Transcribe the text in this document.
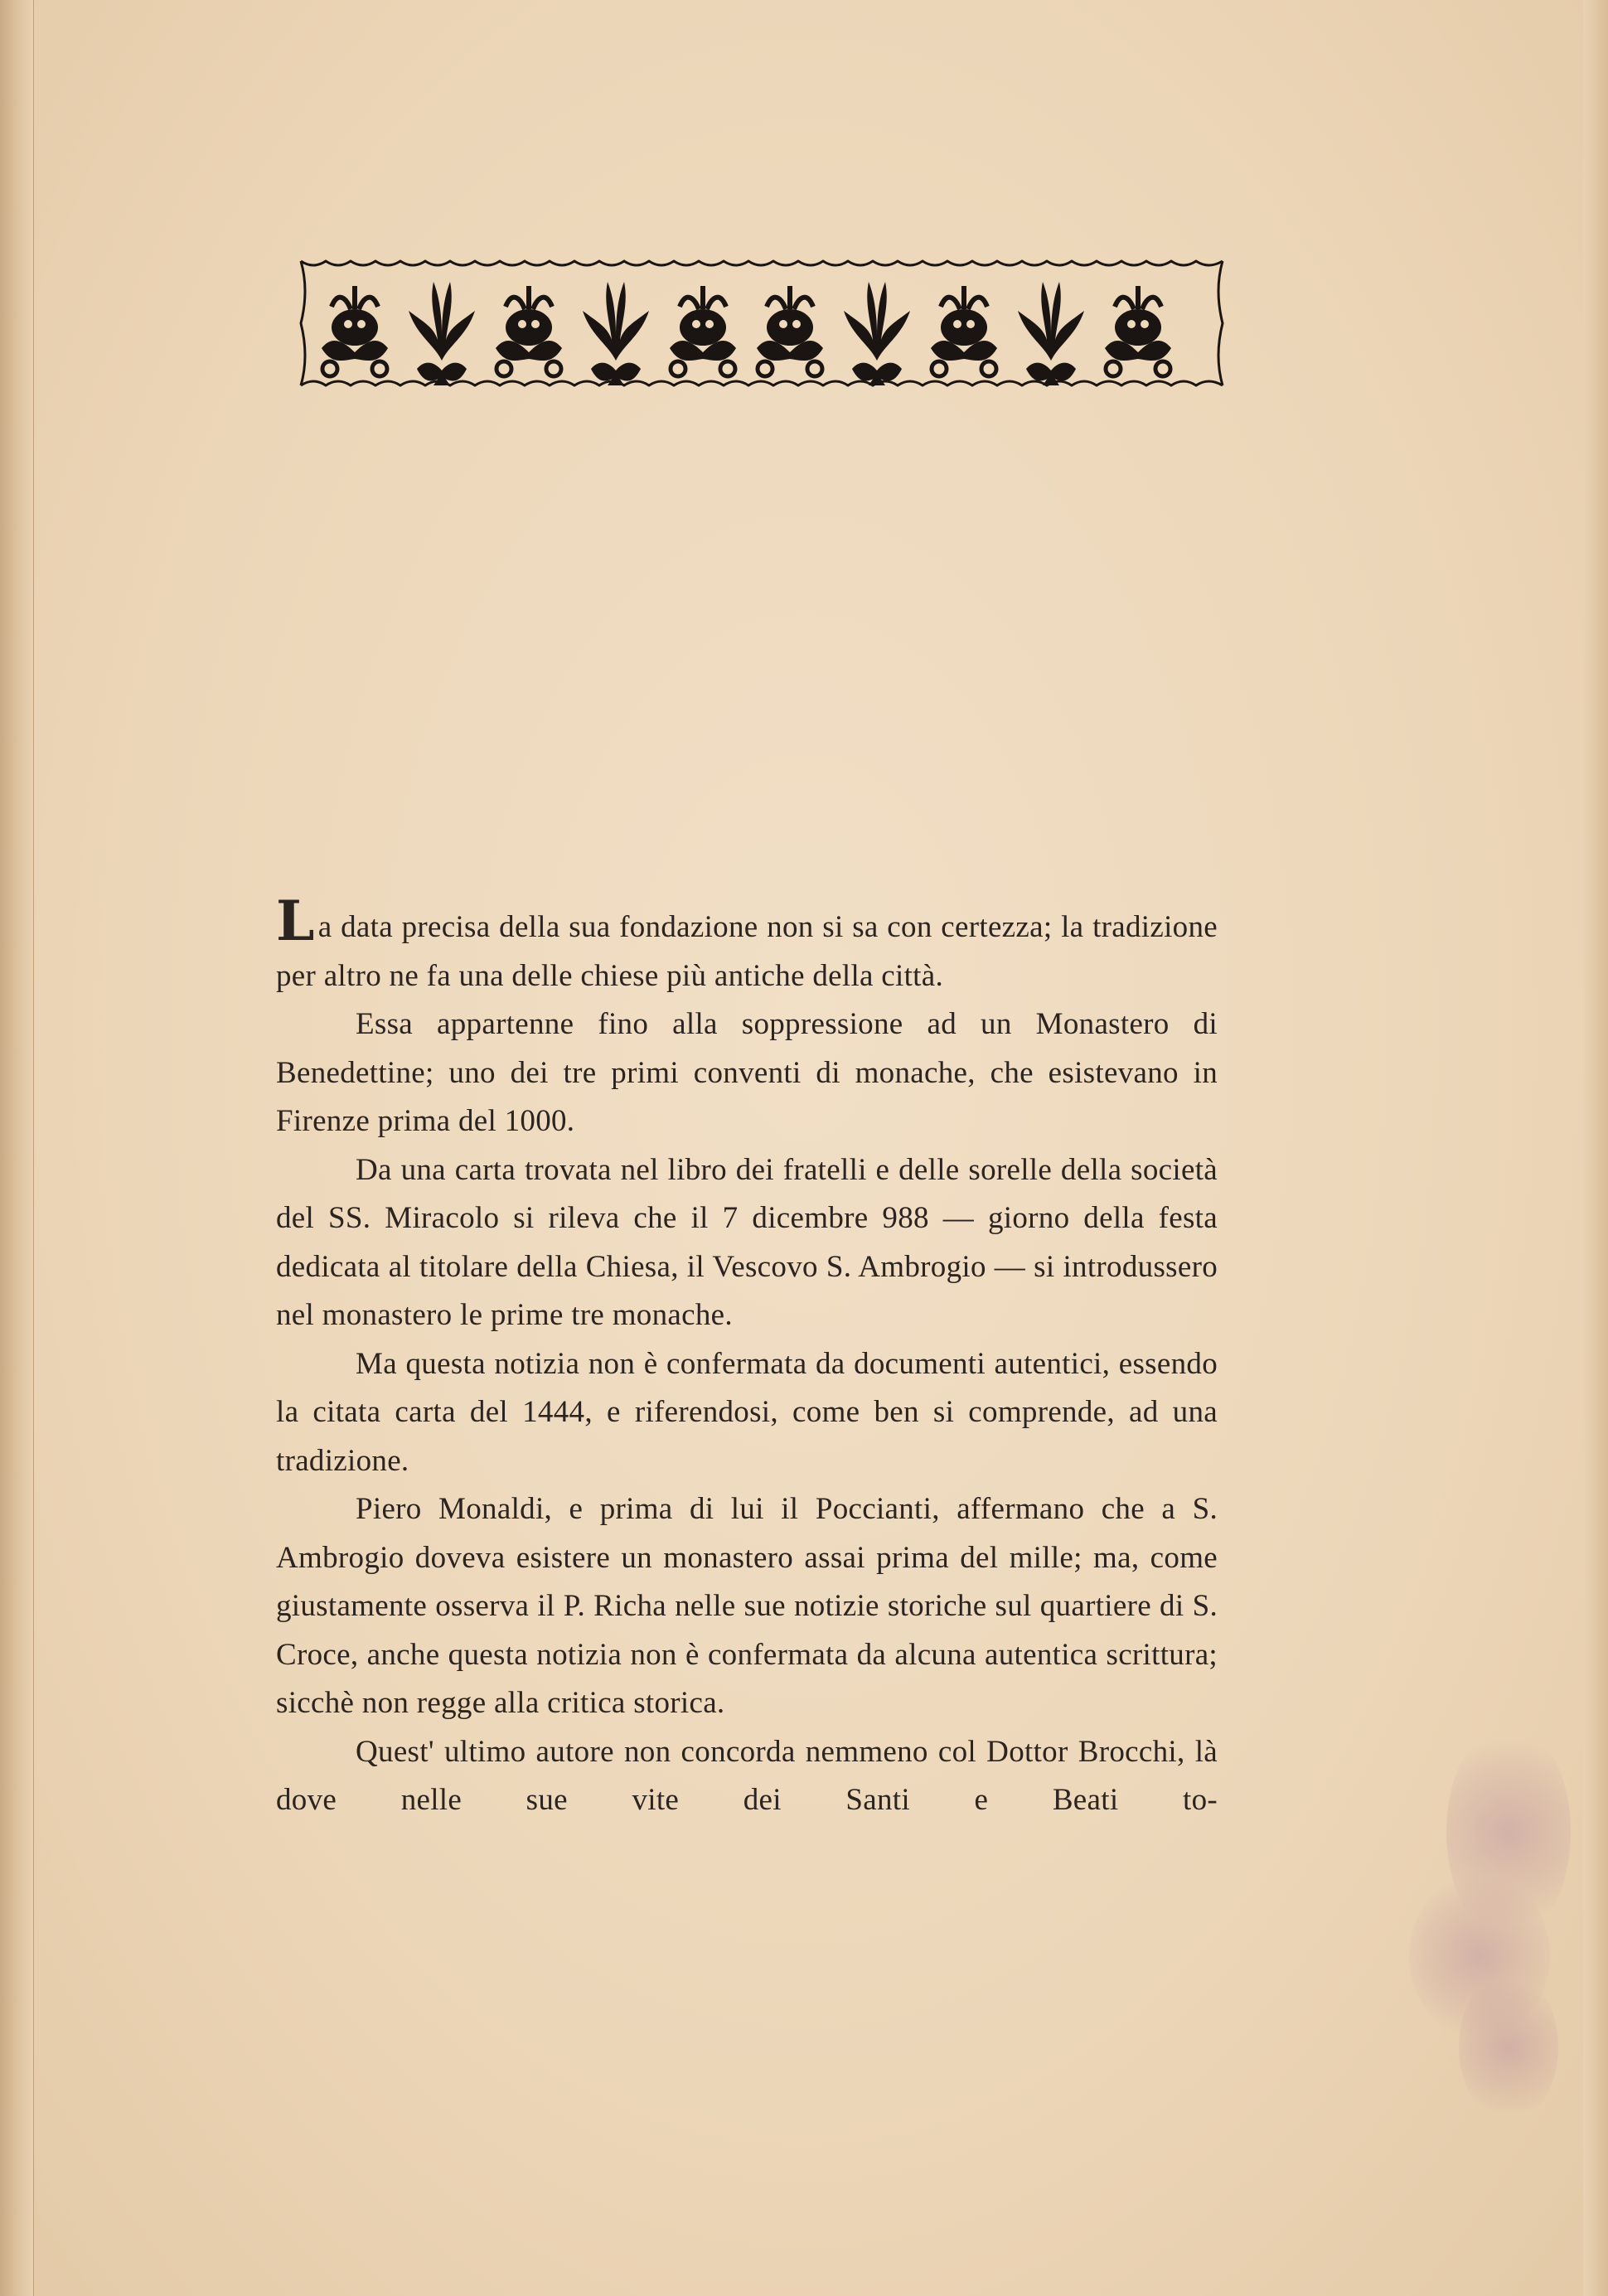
La data precisa della sua fondazione non si sa con certezza; la tradizione per altro ne fa una delle chiese più antiche della città.

Essa appartenne fino alla soppressione ad un Monastero di Benedettine; uno dei tre primi conventi di monache, che esistevano in Firenze prima del 1000.

Da una carta trovata nel libro dei fratelli e delle sorelle della società del SS. Miracolo si rileva che il 7 dicembre 988 — giorno della festa dedicata al titolare della Chiesa, il Vescovo S. Ambrogio — si introdussero nel monastero le prime tre monache.

Ma questa notizia non è confermata da documenti autentici, essendo la citata carta del 1444, e riferendosi, come ben si comprende, ad una tradizione.

Piero Monaldi, e prima di lui il Poccianti, affermano che a S. Ambrogio doveva esistere un monastero assai prima del mille; ma, come giustamente osserva il P. Richa nelle sue notizie storiche sul quartiere di S. Croce, anche questa notizia non è confermata da alcuna autentica scrittura; sicchè non regge alla critica storica.

Quest' ultimo autore non concorda nemmeno col Dottor Brocchi, là dove nelle sue vite dei Santi e Beati to-
